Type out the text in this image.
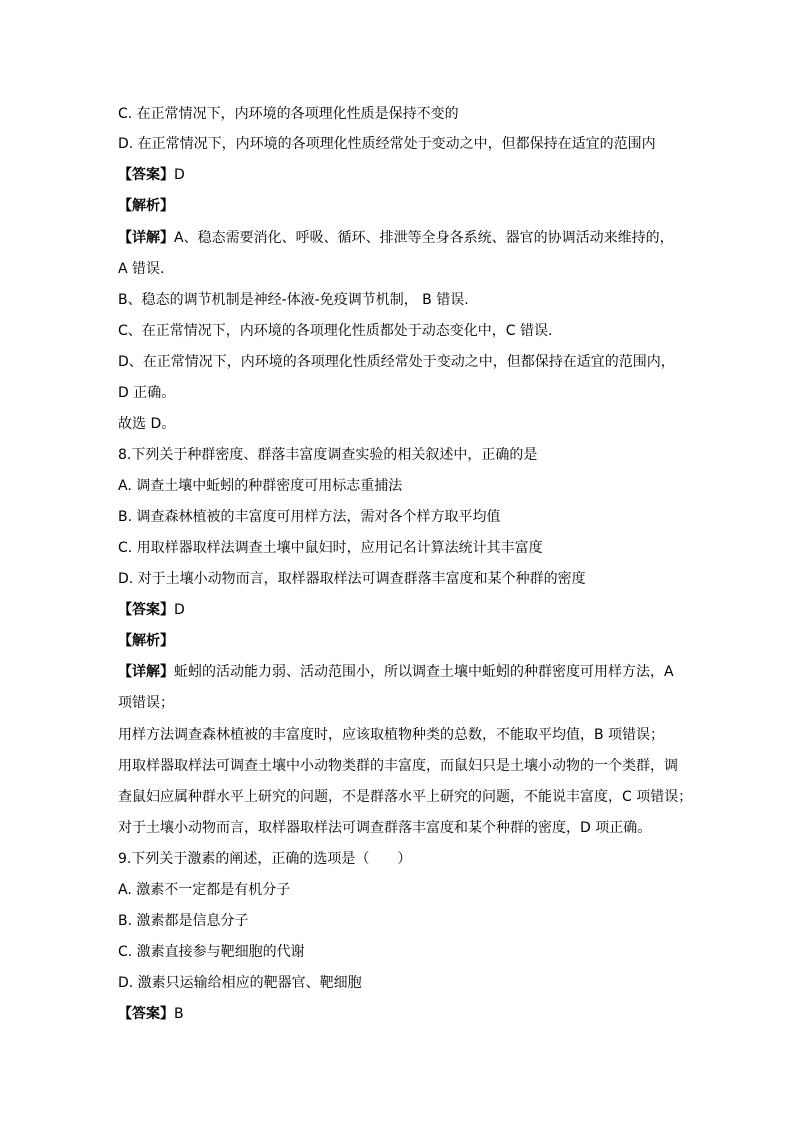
C. 在正常情况下，内环境的各项理化性质是保持不变的
D. 在正常情况下，内环境的各项理化性质经常处于变动之中，但都保持在适宜的范围内
【答案】D
【解析】
【详解】A、稳态需要消化、呼吸、循环、排泄等全身各系统、器官的协调活动来维持的，
A 错误.
B、稳态的调节机制是神经-体液-免疫调节机制， B 错误.
C、在正常情况下，内环境的各项理化性质都处于动态变化中，C 错误.
D、在正常情况下，内环境的各项理化性质经常处于变动之中，但都保持在适宜的范围内，
D 正确。
故选 D。
8.下列关于种群密度、群落丰富度调查实验的相关叙述中，正确的是
A. 调查土壤中蚯蚓的种群密度可用标志重捕法
B. 调查森林植被的丰富度可用样方法，需对各个样方取平均值
C. 用取样器取样法调查土壤中鼠妇时，应用记名计算法统计其丰富度
D. 对于土壤小动物而言，取样器取样法可调查群落丰富度和某个种群的密度
【答案】D
【解析】
【详解】蚯蚓的活动能力弱、活动范围小，所以调查土壤中蚯蚓的种群密度可用样方法，A
项错误；
用样方法调查森林植被的丰富度时，应该取植物种类的总数，不能取平均值，B 项错误；
用取样器取样法可调查土壤中小动物类群的丰富度，而鼠妇只是土壤小动物的一个类群，调
查鼠妇应属种群水平上研究的问题，不是群落水平上研究的问题，不能说丰富度，C 项错误；
对于土壤小动物而言，取样器取样法可调查群落丰富度和某个种群的密度，D 项正确。
9.下列关于激素的阐述，正确的选项是（　　）
A. 激素不一定都是有机分子
B. 激素都是信息分子
C. 激素直接参与靶细胞的代谢
D. 激素只运输给相应的靶器官、靶细胞
【答案】B
